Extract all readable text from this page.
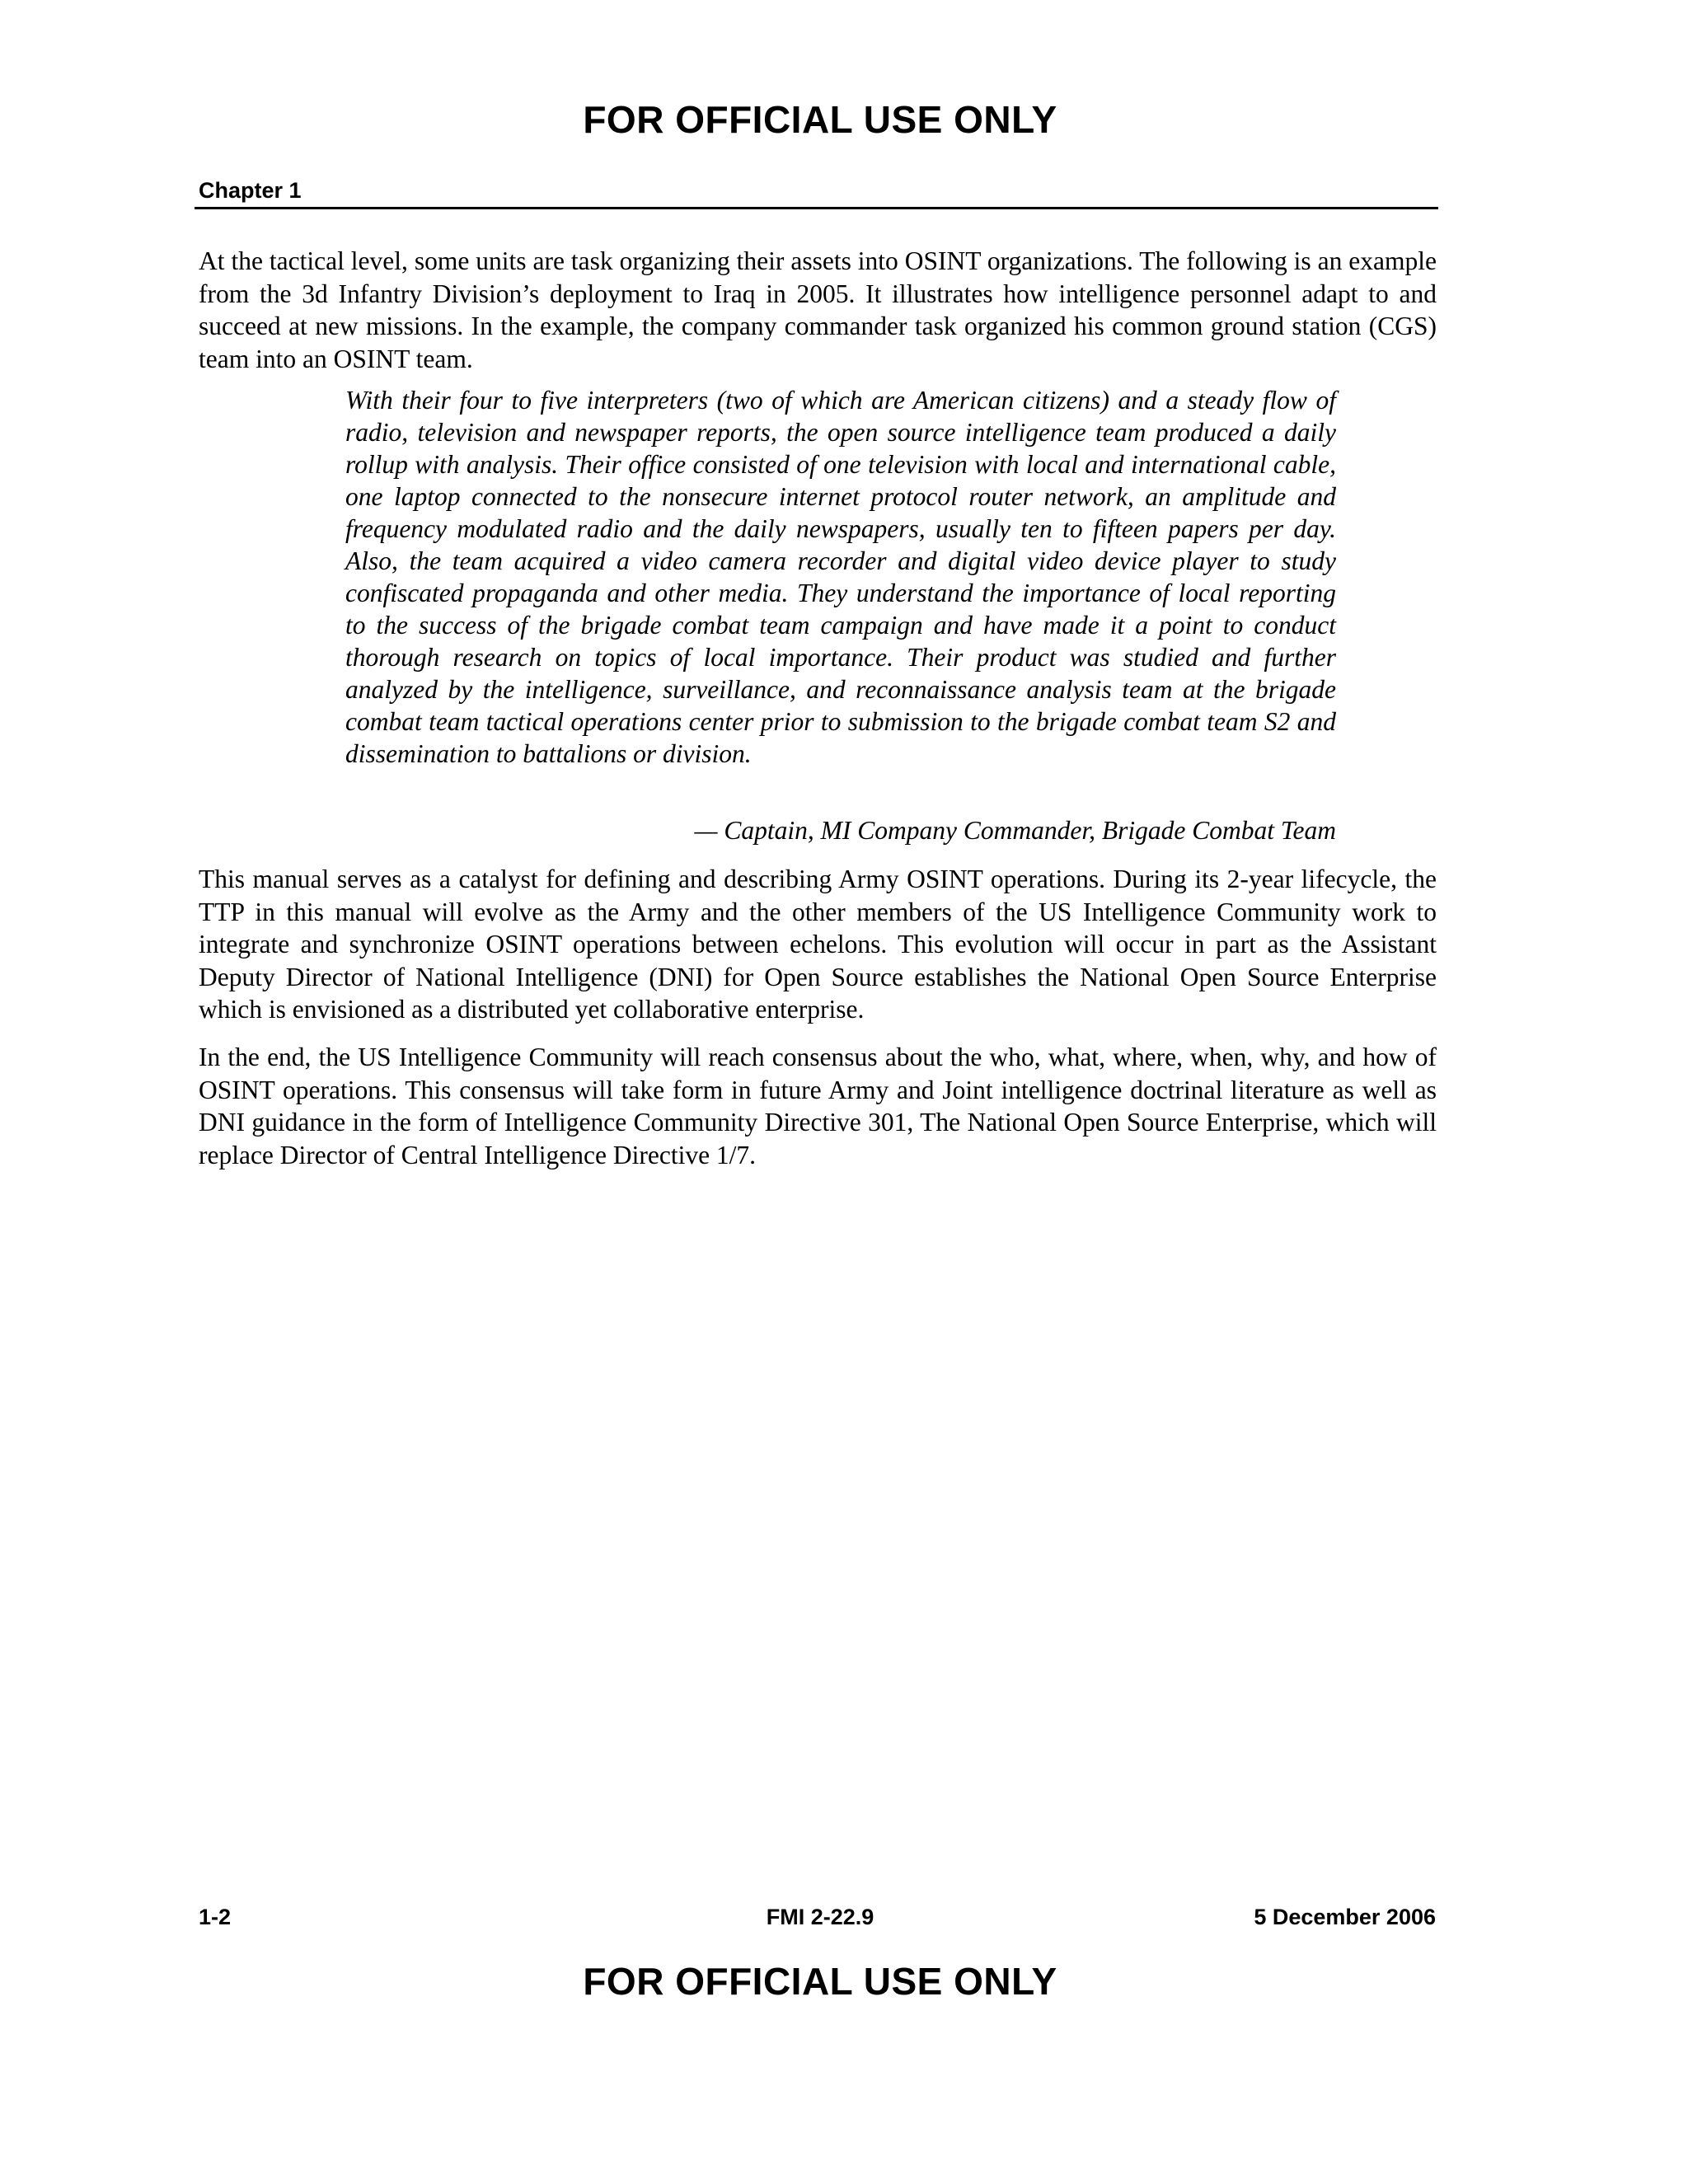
FOR OFFICIAL USE ONLY
Chapter 1

At the tactical level, some units are task organizing their assets into OSINT organizations. The following is an example from the 3d Infantry Division’s deployment to Iraq in 2005. It illustrates how intelligence personnel adapt to and succeed at new missions. In the example, the company commander task organized his common ground station (CGS) team into an OSINT team.

With their four to five interpreters (two of which are American citizens) and a steady flow of radio, television and newspaper reports, the open source intelligence team produced a daily rollup with analysis. Their office consisted of one television with local and international cable, one laptop connected to the nonsecure internet protocol router network, an amplitude and frequency modulated radio and the daily newspapers, usually ten to fifteen papers per day. Also, the team acquired a video camera recorder and digital video device player to study confiscated propaganda and other media. They understand the importance of local reporting to the success of the brigade combat team campaign and have made it a point to conduct thorough research on topics of local importance. Their product was studied and further analyzed by the intelligence, surveillance, and reconnaissance analysis team at the brigade combat team tactical operations center prior to submission to the brigade combat team S2 and dissemination to battalions or division.

— Captain, MI Company Commander, Brigade Combat Team

This manual serves as a catalyst for defining and describing Army OSINT operations. During its 2-year lifecycle, the TTP in this manual will evolve as the Army and the other members of the US Intelligence Community work to integrate and synchronize OSINT operations between echelons. This evolution will occur in part as the Assistant Deputy Director of National Intelligence (DNI) for Open Source establishes the National Open Source Enterprise which is envisioned as a distributed yet collaborative enterprise.

In the end, the US Intelligence Community will reach consensus about the who, what, where, when, why, and how of OSINT operations. This consensus will take form in future Army and Joint intelligence doctrinal literature as well as DNI guidance in the form of Intelligence Community Directive 301, The National Open Source Enterprise, which will replace Director of Central Intelligence Directive 1/7.

1-2	FMI 2-22.9	5 December 2006
FOR OFFICIAL USE ONLY
